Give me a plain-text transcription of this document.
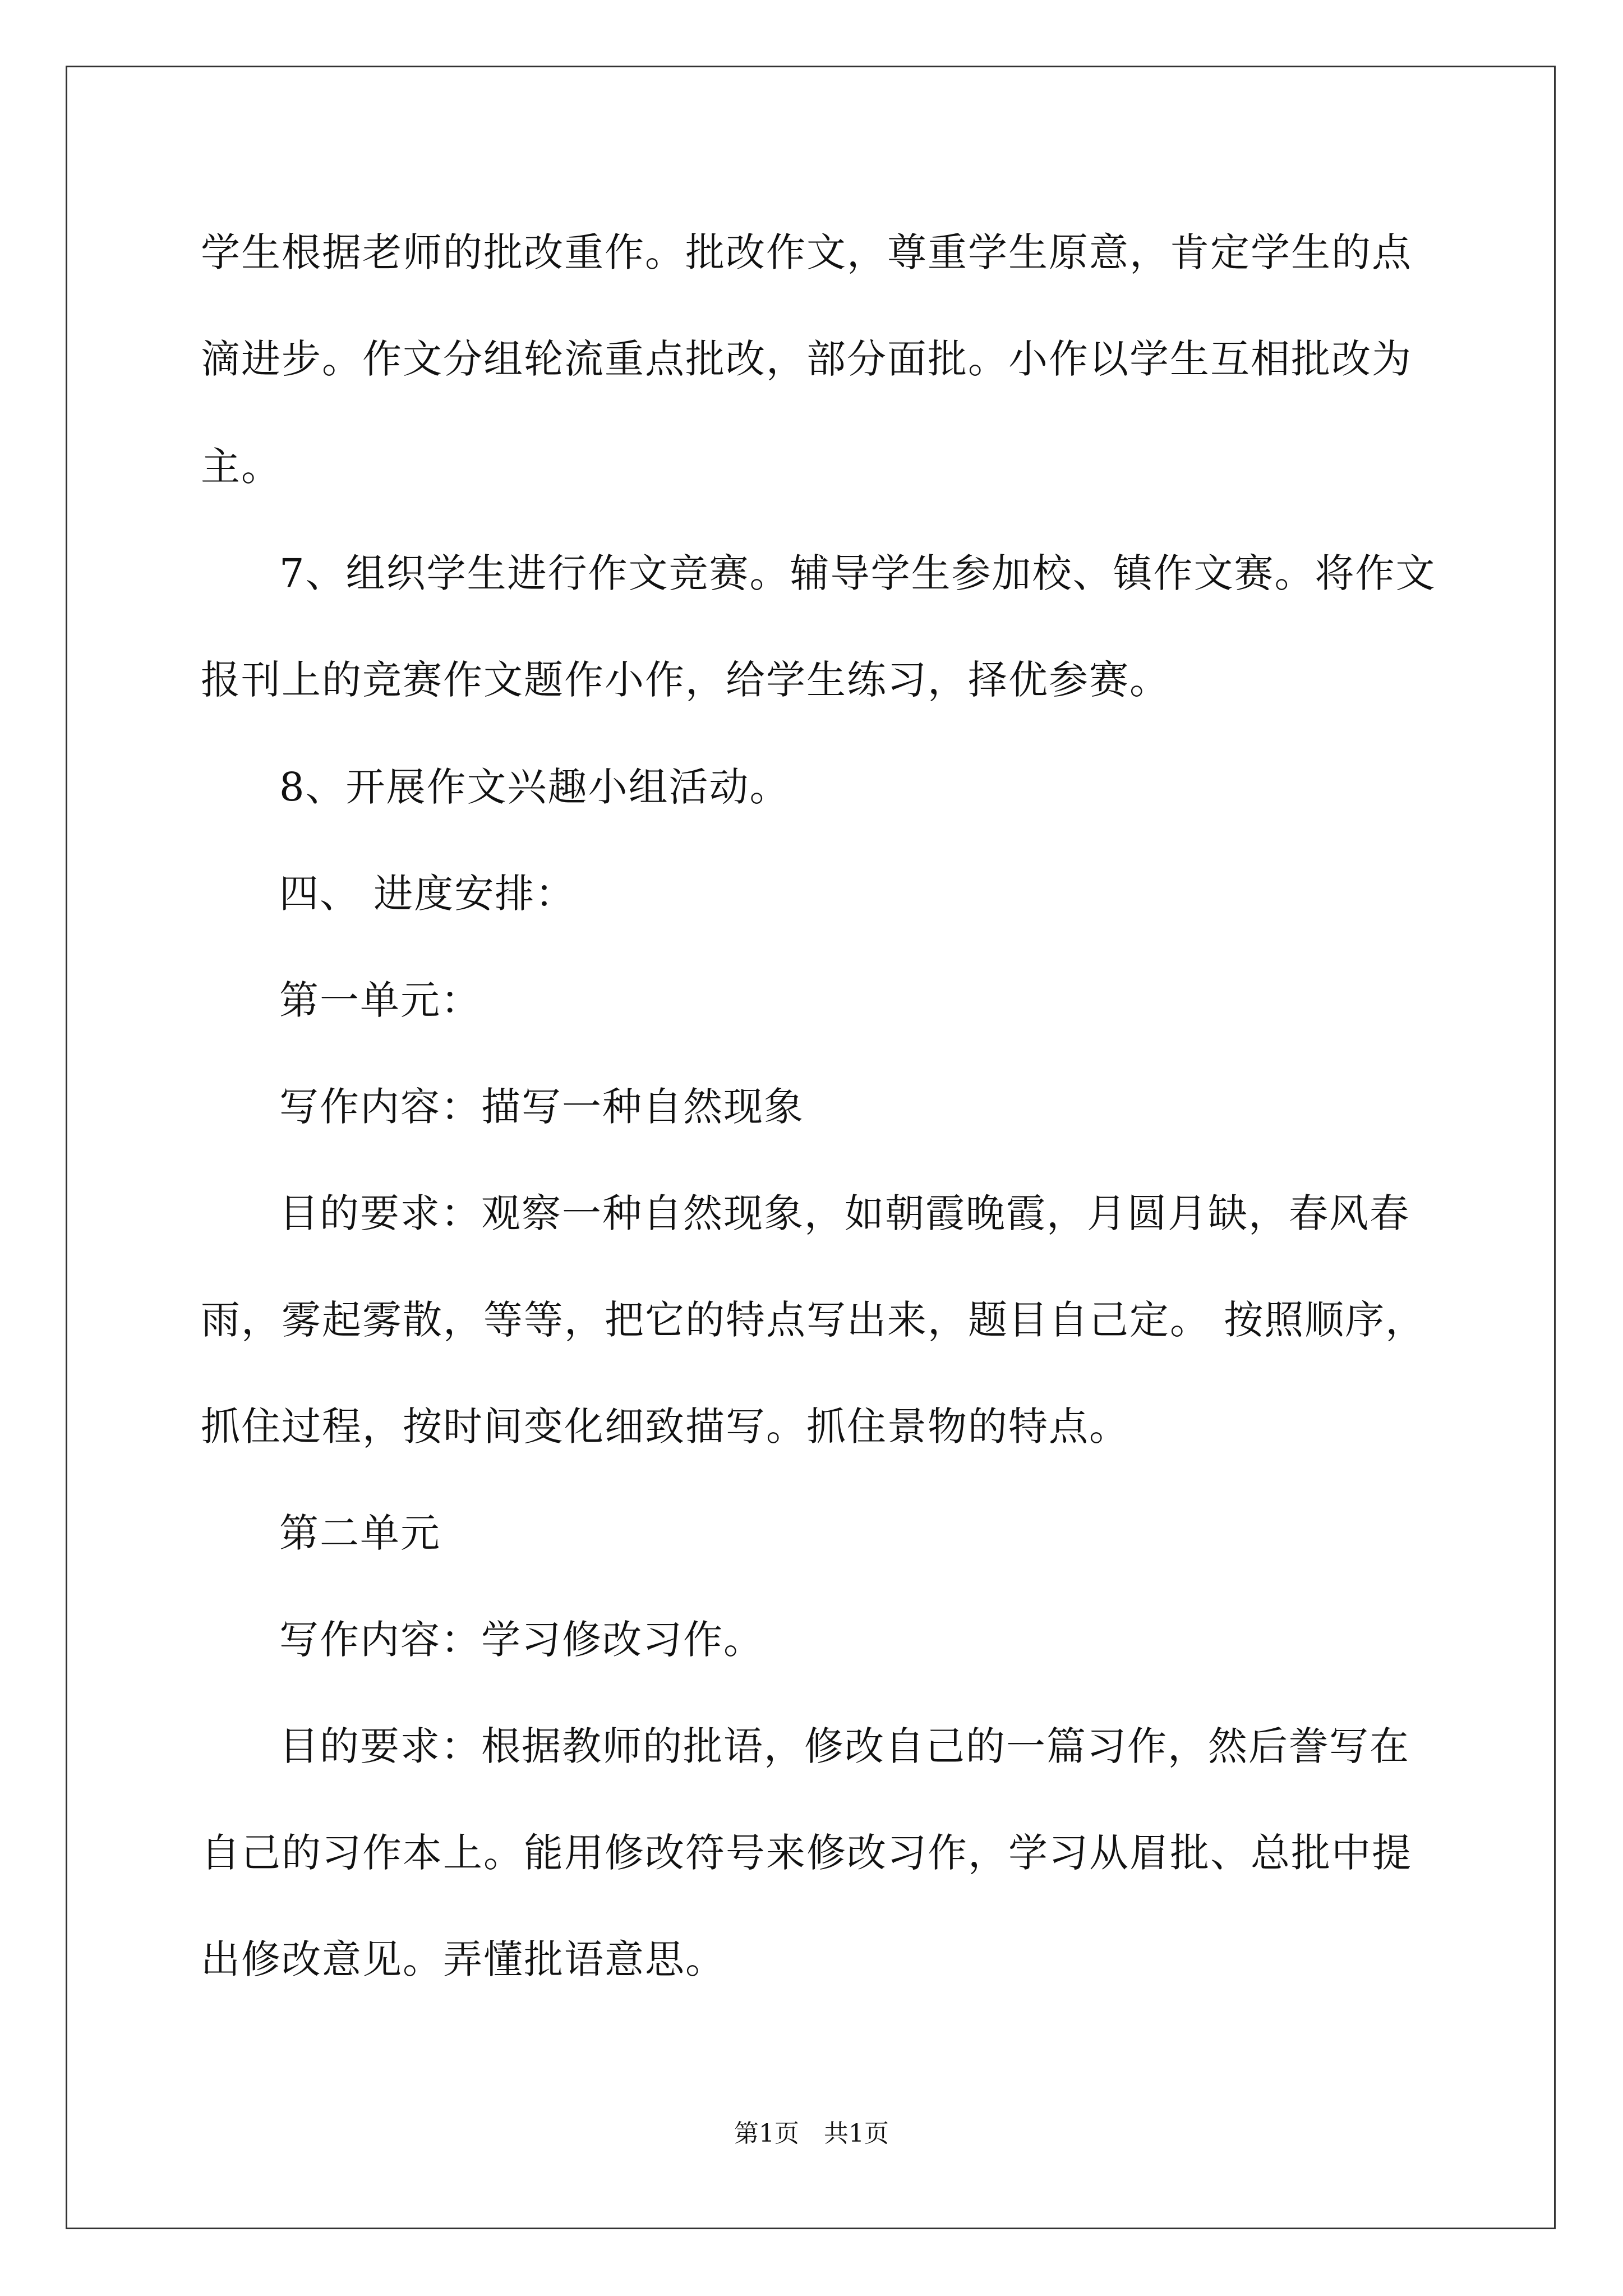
学生根据老师的批改重作。批改作文，尊重学生原意，肯定学生的点
滴进步。作文分组轮流重点批改，部分面批。小作以学生互相批改为
主。
7、组织学生进行作文竞赛。辅导学生参加校、镇作文赛。将作文
报刊上的竞赛作文题作小作，给学生练习，择优参赛。
8、开展作文兴趣小组活动。
四、 进度安排：
第一单元：
写作内容：描写一种自然现象
目的要求：观察一种自然现象，如朝霞晚霞，月圆月缺，春风春
雨，雾起雾散，等等，把它的特点写出来，题目自己定。 按照顺序，
抓住过程，按时间变化细致描写。抓住景物的特点。
第二单元
写作内容：学习修改习作。
目的要求：根据教师的批语，修改自己的一篇习作，然后誊写在
自己的习作本上。能用修改符号来修改习作，学习从眉批、总批中提
出修改意见。弄懂批语意思。
第1页　共1页
